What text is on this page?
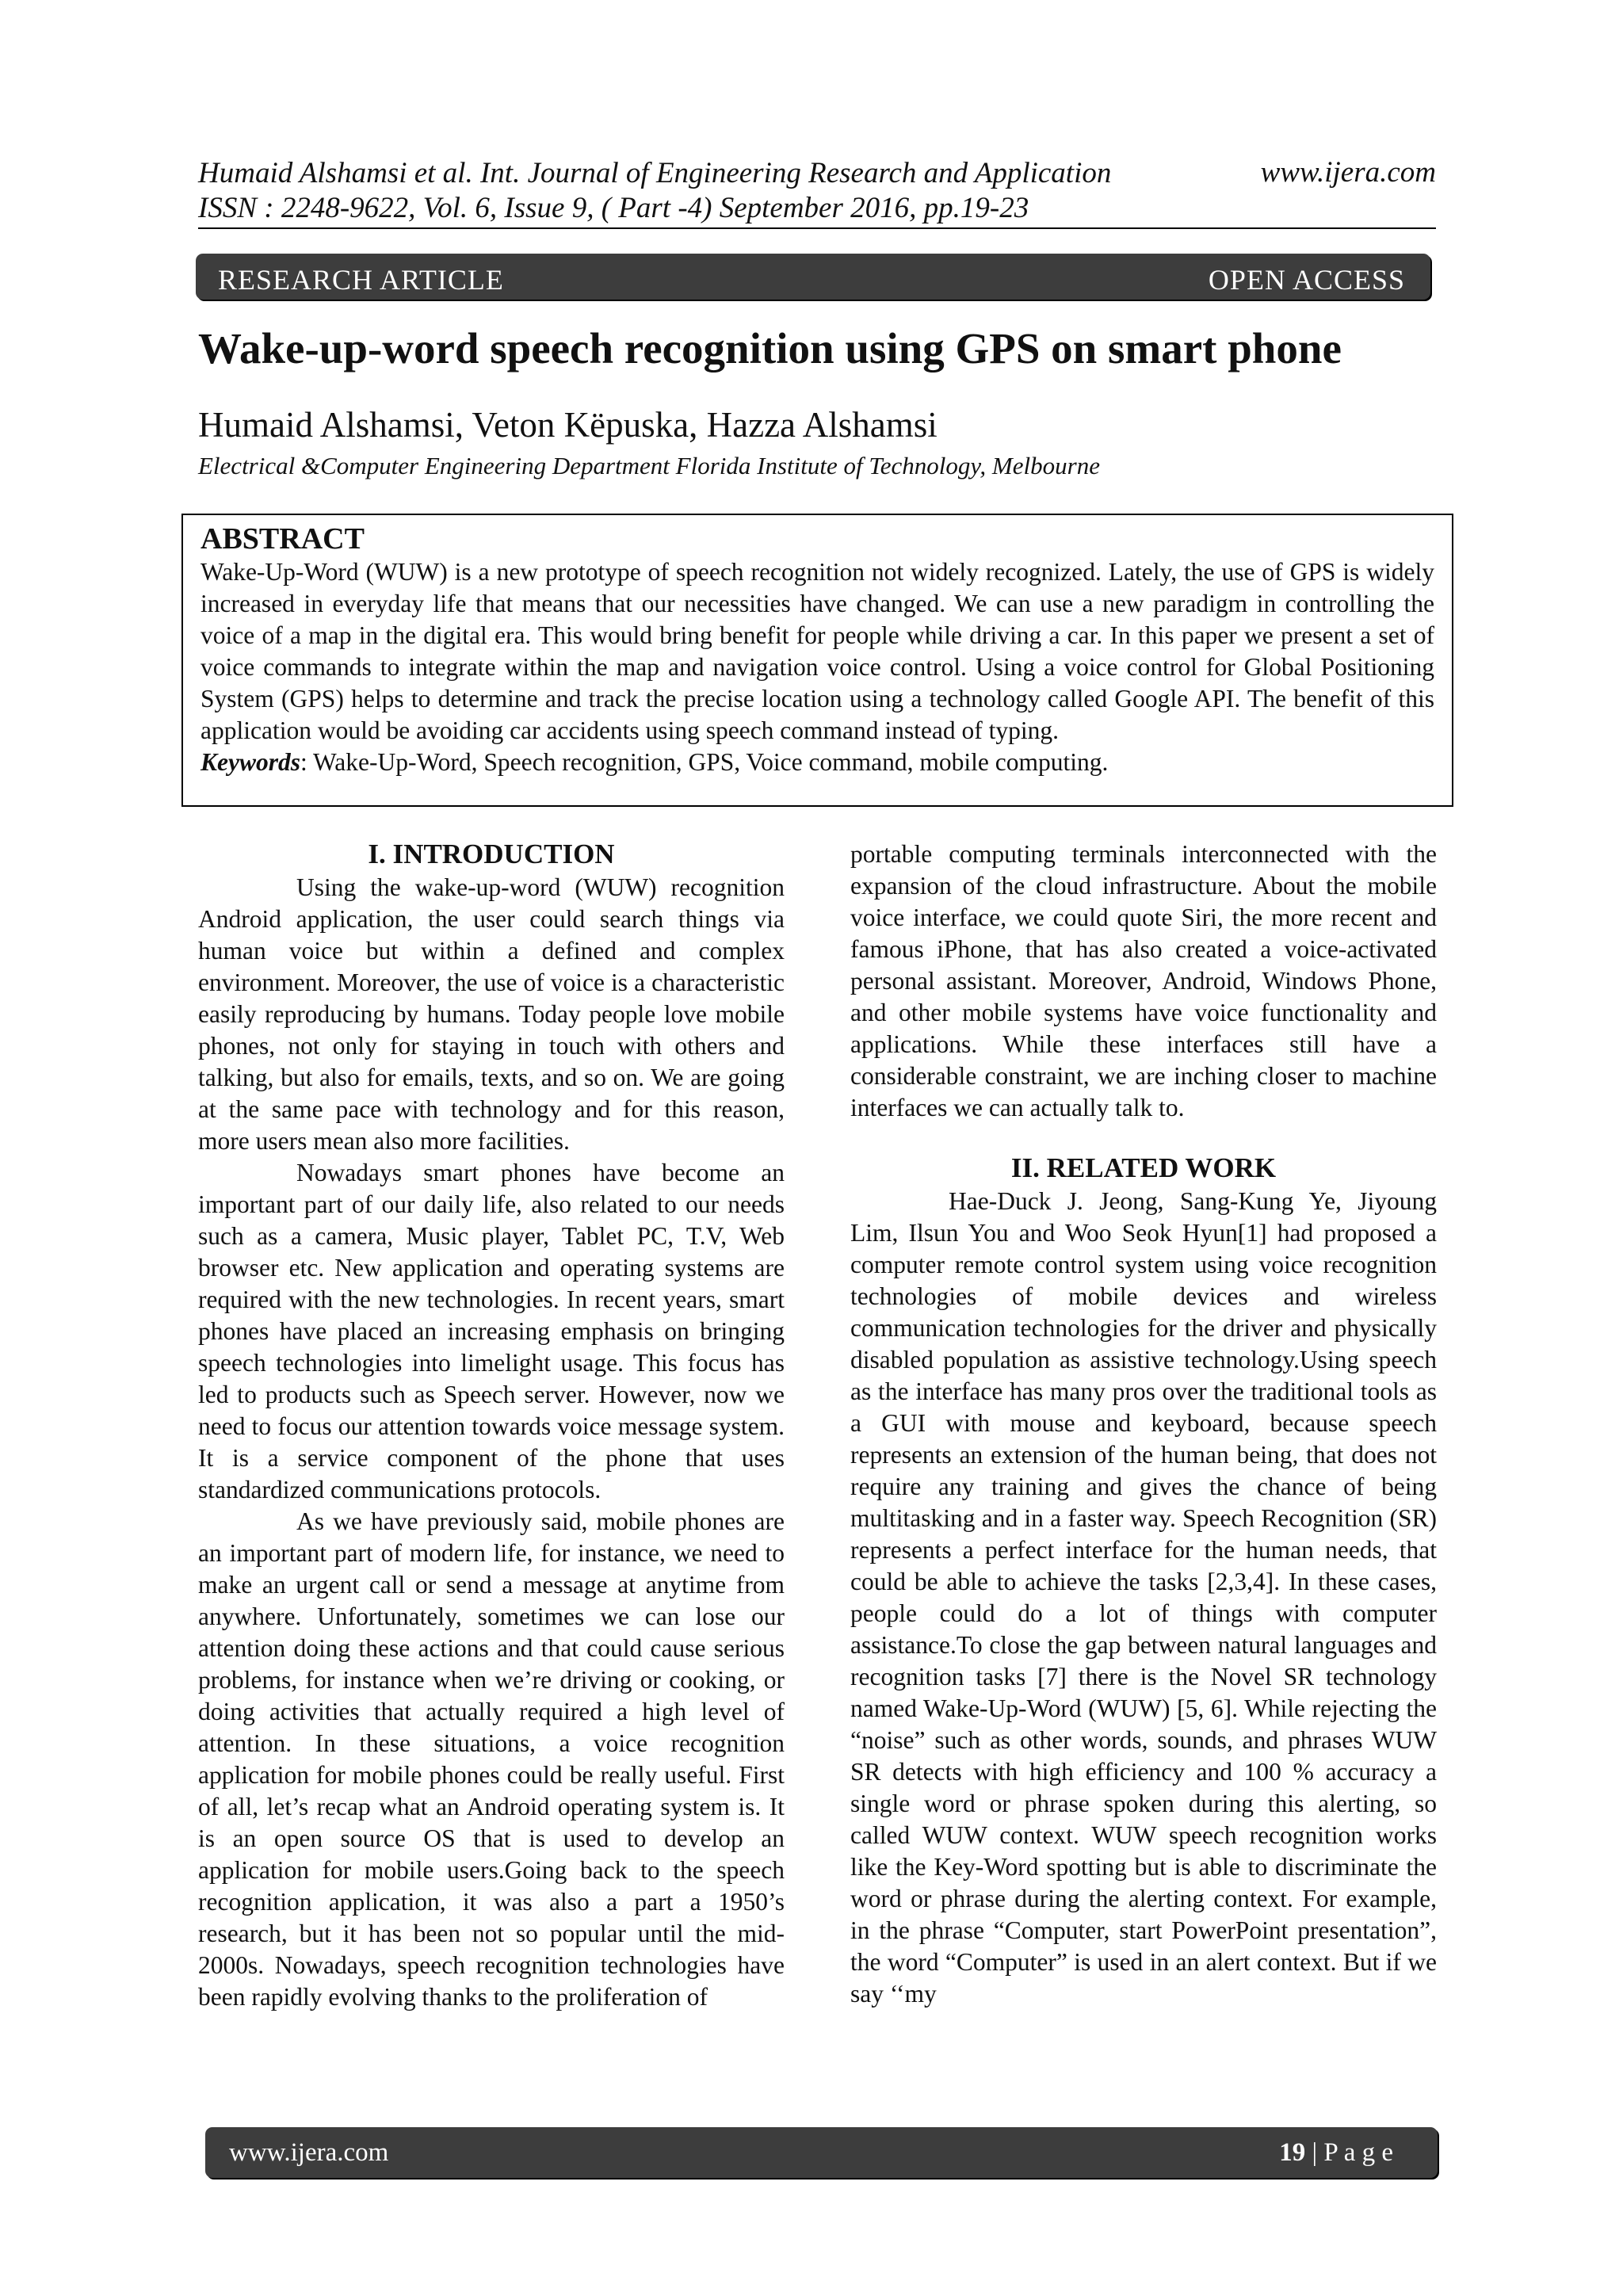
Humaid Alshamsi et al. Int. Journal of Engineering Research and Application
ISSN : 2248-9622, Vol. 6, Issue 9, ( Part -4) September 2016, pp.19-23
www.ijera.com
RESEARCH ARTICLE	OPEN ACCESS
Wake-up-word speech recognition using GPS on smart phone
Humaid Alshamsi, Veton Këpuska, Hazza Alshamsi
Electrical &Computer Engineering Department Florida Institute of Technology, Melbourne
ABSTRACT

Wake-Up-Word (WUW) is a new prototype of speech recognition not widely recognized. Lately, the use of GPS is widely increased in everyday life that means that our necessities have changed. We can use a new paradigm in controlling the voice of a map in the digital era. This would bring benefit for people while driving a car. In this paper we present a set of voice commands to integrate within the map and navigation voice control. Using a voice control for Global Positioning System (GPS) helps to determine and track the precise location using a technology called Google API. The benefit of this application would be avoiding car accidents using speech command instead of typing.

Keywords: Wake-Up-Word, Speech recognition, GPS, Voice command, mobile computing.
I. INTRODUCTION

Using the wake-up-word (WUW) recognition Android application, the user could search things via human voice but within a defined and complex environment. Moreover, the use of voice is a characteristic easily reproducing by humans. Today people love mobile phones, not only for staying in touch with others and talking, but also for emails, texts, and so on. We are going at the same pace with technology and for this reason, more users mean also more facilities.

Nowadays smart phones have become an important part of our daily life, also related to our needs such as a camera, Music player, Tablet PC, T.V, Web browser etc. New application and operating systems are required with the new technologies. In recent years, smart phones have placed an increasing emphasis on bringing speech technologies into limelight usage. This focus has led to products such as Speech server. However, now we need to focus our attention towards voice message system. It is a service component of the phone that uses standardized communications protocols.

As we have previously said, mobile phones are an important part of modern life, for instance, we need to make an urgent call or send a message at anytime from anywhere. Unfortunately, sometimes we can lose our attention doing these actions and that could cause serious problems, for instance when we’re driving or cooking, or doing activities that actually required a high level of attention. In these situations, a voice recognition application for mobile phones could be really useful. First of all, let’s recap what an Android operating system is. It is an open source OS that is used to develop an application for mobile users.Going back to the speech recognition application, it was also a part a 1950’s research, but it has been not so popular until the mid-2000s. Nowadays, speech recognition technologies have been rapidly evolving thanks to the proliferation of

portable computing terminals interconnected with the expansion of the cloud infrastructure. About the mobile voice interface, we could quote Siri, the more recent and famous iPhone, that has also created a voice-activated personal assistant. Moreover, Android, Windows Phone, and other mobile systems have voice functionality and applications. While these interfaces still have a considerable constraint, we are inching closer to machine interfaces we can actually talk to.

II. RELATED WORK

Hae-Duck J. Jeong, Sang-Kung Ye, Jiyoung Lim, Ilsun You and Woo Seok Hyun[1] had proposed a computer remote control system using voice recognition technologies of mobile devices and wireless communication technologies for the driver and physically disabled population as assistive technology.Using speech as the interface has many pros over the traditional tools as a GUI with mouse and keyboard, because speech represents an extension of the human being, that does not require any training and gives the chance of being multitasking and in a faster way. Speech Recognition (SR) represents a perfect interface for the human needs, that could be able to achieve the tasks [2,3,4]. In these cases, people could do a lot of things with computer assistance.To close the gap between natural languages and recognition tasks [7] there is the Novel SR technology named Wake-Up-Word (WUW) [5, 6]. While rejecting the “noise” such as other words, sounds, and phrases WUW SR detects with high efficiency and 100 % accuracy a single word or phrase spoken during this alerting, so called WUW context. WUW speech recognition works like the Key-Word spotting but is able to discriminate the word or phrase during the alerting context. For example, in the phrase “Computer, start PowerPoint presentation”, the word “Computer” is used in an alert context. But if we say ‘‘my

www.ijera.com	19 | P a g e
